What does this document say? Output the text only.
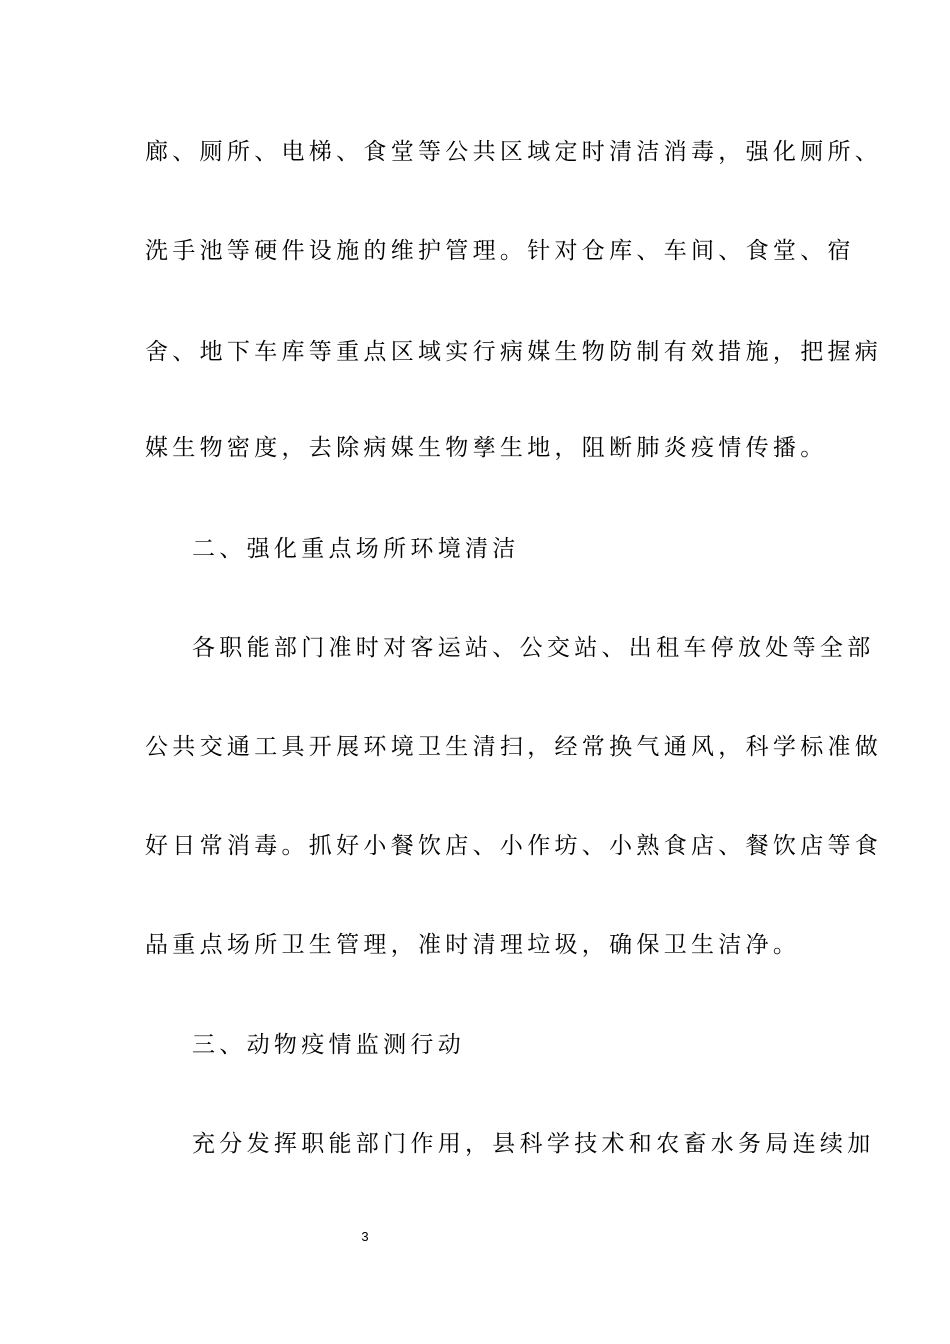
廊、厕所、电梯、食堂等公共区域定时清洁消毒，强化厕所、
洗手池等硬件设施的维护管理。针对仓库、车间、食堂、宿
舍、地下车库等重点区域实行病媒生物防制有效措施，把握病
媒生物密度，去除病媒生物孳生地，阻断肺炎疫情传播。
二、强化重点场所环境清洁
各职能部门准时对客运站、公交站、出租车停放处等全部
公共交通工具开展环境卫生清扫，经常换气通风，科学标准做
好日常消毒。抓好小餐饮店、小作坊、小熟食店、餐饮店等食
品重点场所卫生管理，准时清理垃圾，确保卫生洁净。
三、动物疫情监测行动
充分发挥职能部门作用，县科学技术和农畜水务局连续加
3
